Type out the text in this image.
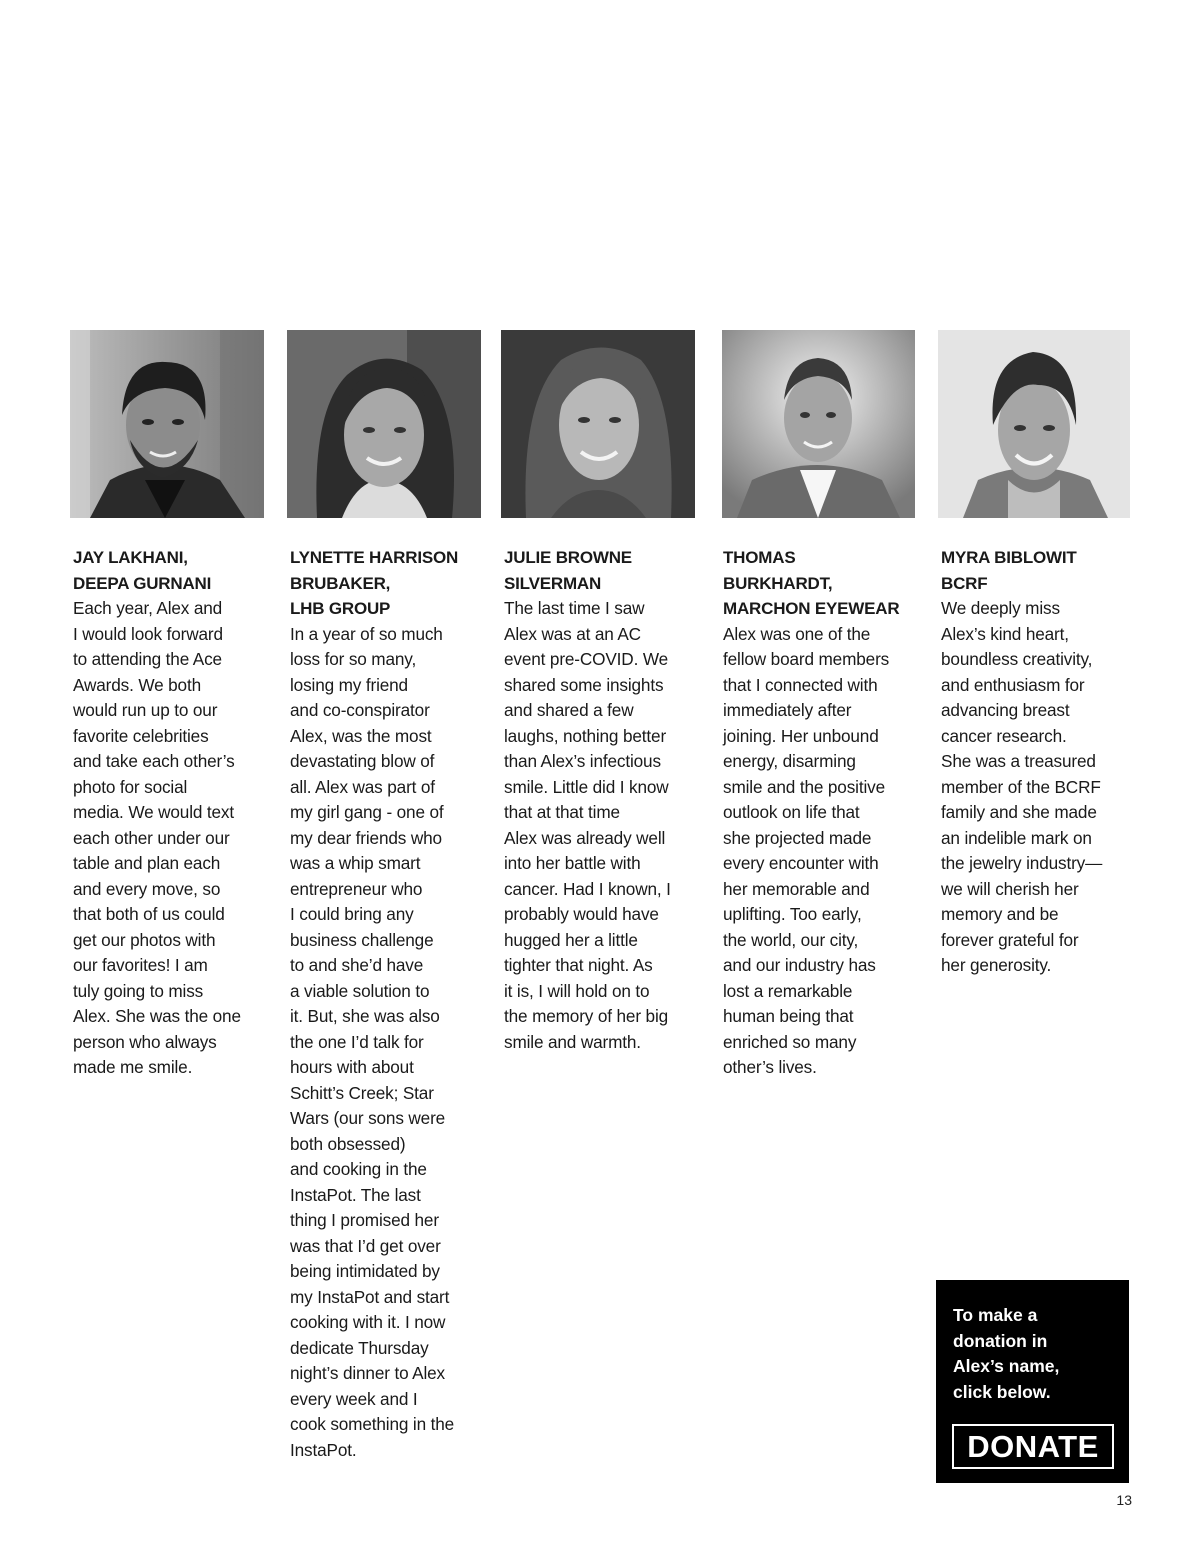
JAY LAKHANI,
DEEPA GURNANI
Each year, Alex and
I would look forward
to attending the Ace
Awards. We both
would run up to our
favorite celebrities
and take each other’s
photo for social
media. We would text
each other under our
table and plan each
and every move, so
that both of us could
get our photos with
our favorites! I am
tuly going to miss
Alex. She was the one
person who always
made me smile.
LYNETTE HARRISON
BRUBAKER,
LHB GROUP
In a year of so much
loss for so many,
losing my friend
and co-conspirator
Alex, was the most
devastating blow of
all. Alex was part of
my girl gang - one of
my dear friends who
was a whip smart
entrepreneur who
I could bring any
business challenge
to and she’d have
a viable solution to
it. But, she was also
the one I’d talk for
hours with about
Schitt’s Creek; Star
Wars (our sons were
both obsessed)
and cooking in the
InstaPot. The last
thing I promised her
was that I’d get over
being intimidated by
my InstaPot and start
cooking with it. I now
dedicate Thursday
night’s dinner to Alex
every week and I
cook something in the
InstaPot.
JULIE BROWNE
SILVERMAN
The last time I saw
Alex was at an AC
event pre-COVID. We
shared some insights
and shared a few
laughs, nothing better
than Alex’s infectious
smile. Little did I know
that at that time
Alex was already well
into her battle with
cancer. Had I known, I
probably would have
hugged her a little
tighter that night. As
it is, I will hold on to
the memory of her big
smile and warmth.
THOMAS
BURKHARDT,
MARCHON EYEWEAR
Alex was one of the
fellow board members
that I connected with
immediately after
joining. Her unbound
energy, disarming
smile and the positive
outlook on life that
she projected made
every encounter with
her memorable and
uplifting. Too early,
the world, our city,
and our industry has
lost a remarkable
human being that
enriched so many
other’s lives.
MYRA BIBLOWIT
BCRF
We deeply miss
Alex’s kind heart,
boundless creativity,
and enthusiasm for
advancing breast
cancer research.
She was a treasured
member of the BCRF
family and she made
an indelible mark on
the jewelry industry—
we will cherish her
memory and be
forever grateful for
her generosity.
To make a
donation in
Alex’s name,
click below.
DONATE
13
